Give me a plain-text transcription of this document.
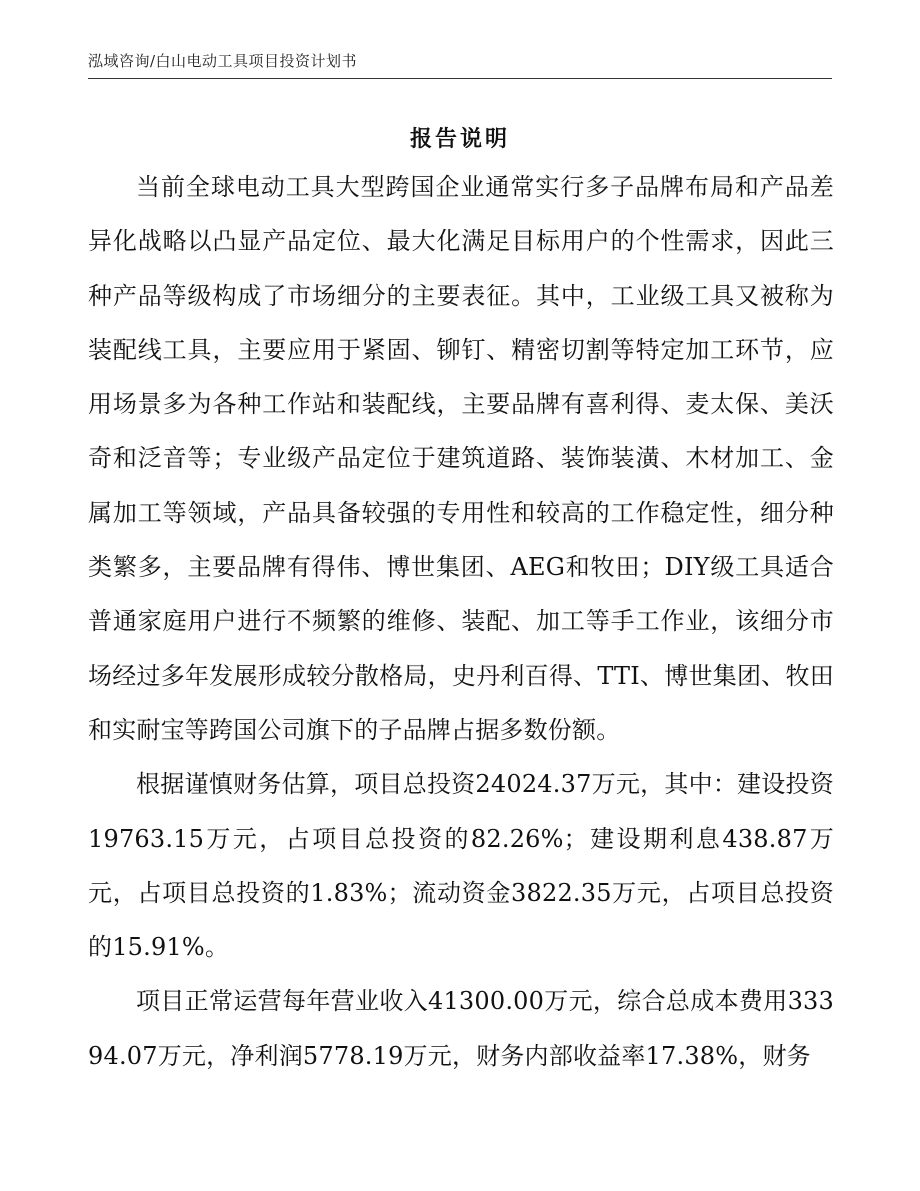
泓域咨询/白山电动工具项目投资计划书
报告说明

当前全球电动工具大型跨国企业通常实行多子品牌布局和产品差异化战略以凸显产品定位、最大化满足目标用户的个性需求，因此三种产品等级构成了市场细分的主要表征。其中，工业级工具又被称为装配线工具，主要应用于紧固、铆钉、精密切割等特定加工环节，应用场景多为各种工作站和装配线，主要品牌有喜利得、麦太保、美沃奇和泛音等；专业级产品定位于建筑道路、装饰装潢、木材加工、金属加工等领域，产品具备较强的专用性和较高的工作稳定性，细分种类繁多，主要品牌有得伟、博世集团、AEG和牧田；DIY级工具适合普通家庭用户进行不频繁的维修、装配、加工等手工作业，该细分市场经过多年发展形成较分散格局，史丹利百得、TTI、博世集团、牧田和实耐宝等跨国公司旗下的子品牌占据多数份额。

根据谨慎财务估算，项目总投资24024.37万元，其中：建设投资19763.15万元，占项目总投资的82.26%；建设期利息438.87万元，占项目总投资的1.83%；流动资金3822.35万元，占项目总投资的15.91%。

项目正常运营每年营业收入41300.00万元，综合总成本费用33394.07万元，净利润5778.19万元，财务内部收益率17.38%，财务
